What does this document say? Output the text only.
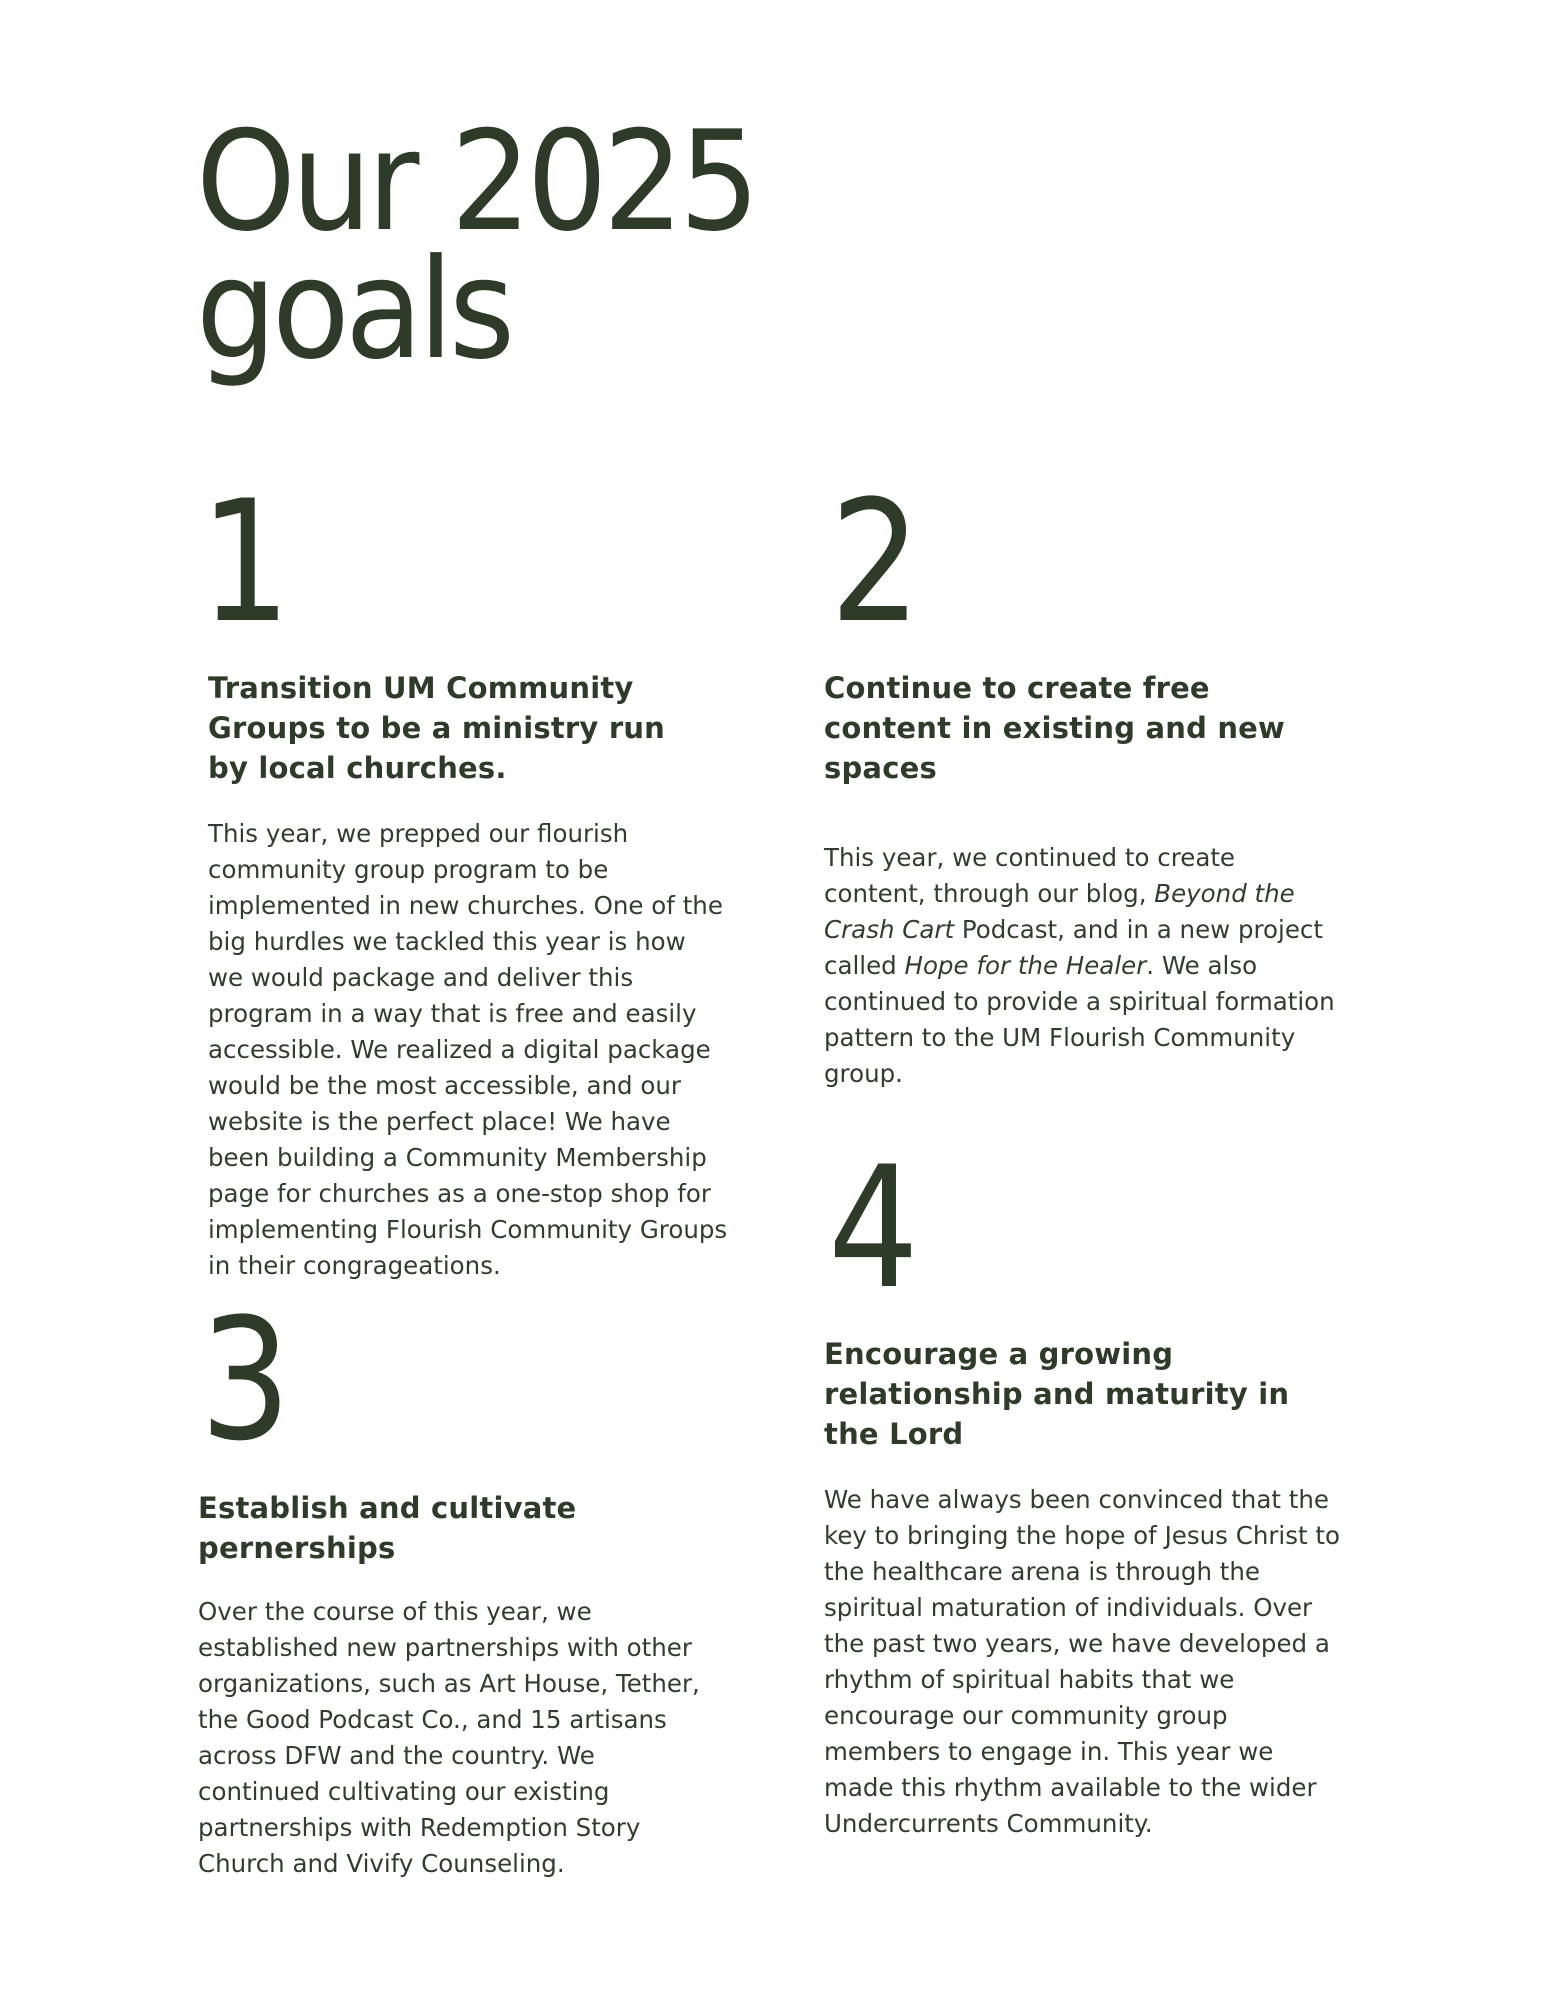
Our 2025
goals
1
Transition UM Community Groups to be a ministry run by local churches.

This year, we prepped our flourish community group program to be implemented in new churches. One of the big hurdles we tackled this year is how we would package and deliver this program in a way that is free and easily accessible. We realized a digital package would be the most accessible, and our website is the perfect place! We have been building a Community Membership page for churches as a one-stop shop for implementing Flourish Community Groups in their congrageations.

2
Continue to create free content in existing and new spaces

This year, we continued to create content, through our blog, Beyond the Crash Cart Podcast, and in a new project called Hope for the Healer. We also continued to provide a spiritual formation pattern to the UM Flourish Community group.

3
Establish and cultivate pernerships

Over the course of this year, we established new partnerships with other organizations, such as Art House, Tether, the Good Podcast Co., and 15 artisans across DFW and the country. We continued cultivating our existing partnerships with Redemption Story Church and Vivify Counseling.

4
Encourage a growing relationship and maturity in the Lord

We have always been convinced that the key to bringing the hope of Jesus Christ to the healthcare arena is through the spiritual maturation of individuals. Over the past two years, we have developed a rhythm of spiritual habits that we encourage our community group members to engage in. This year we made this rhythm available to the wider Undercurrents Community.
